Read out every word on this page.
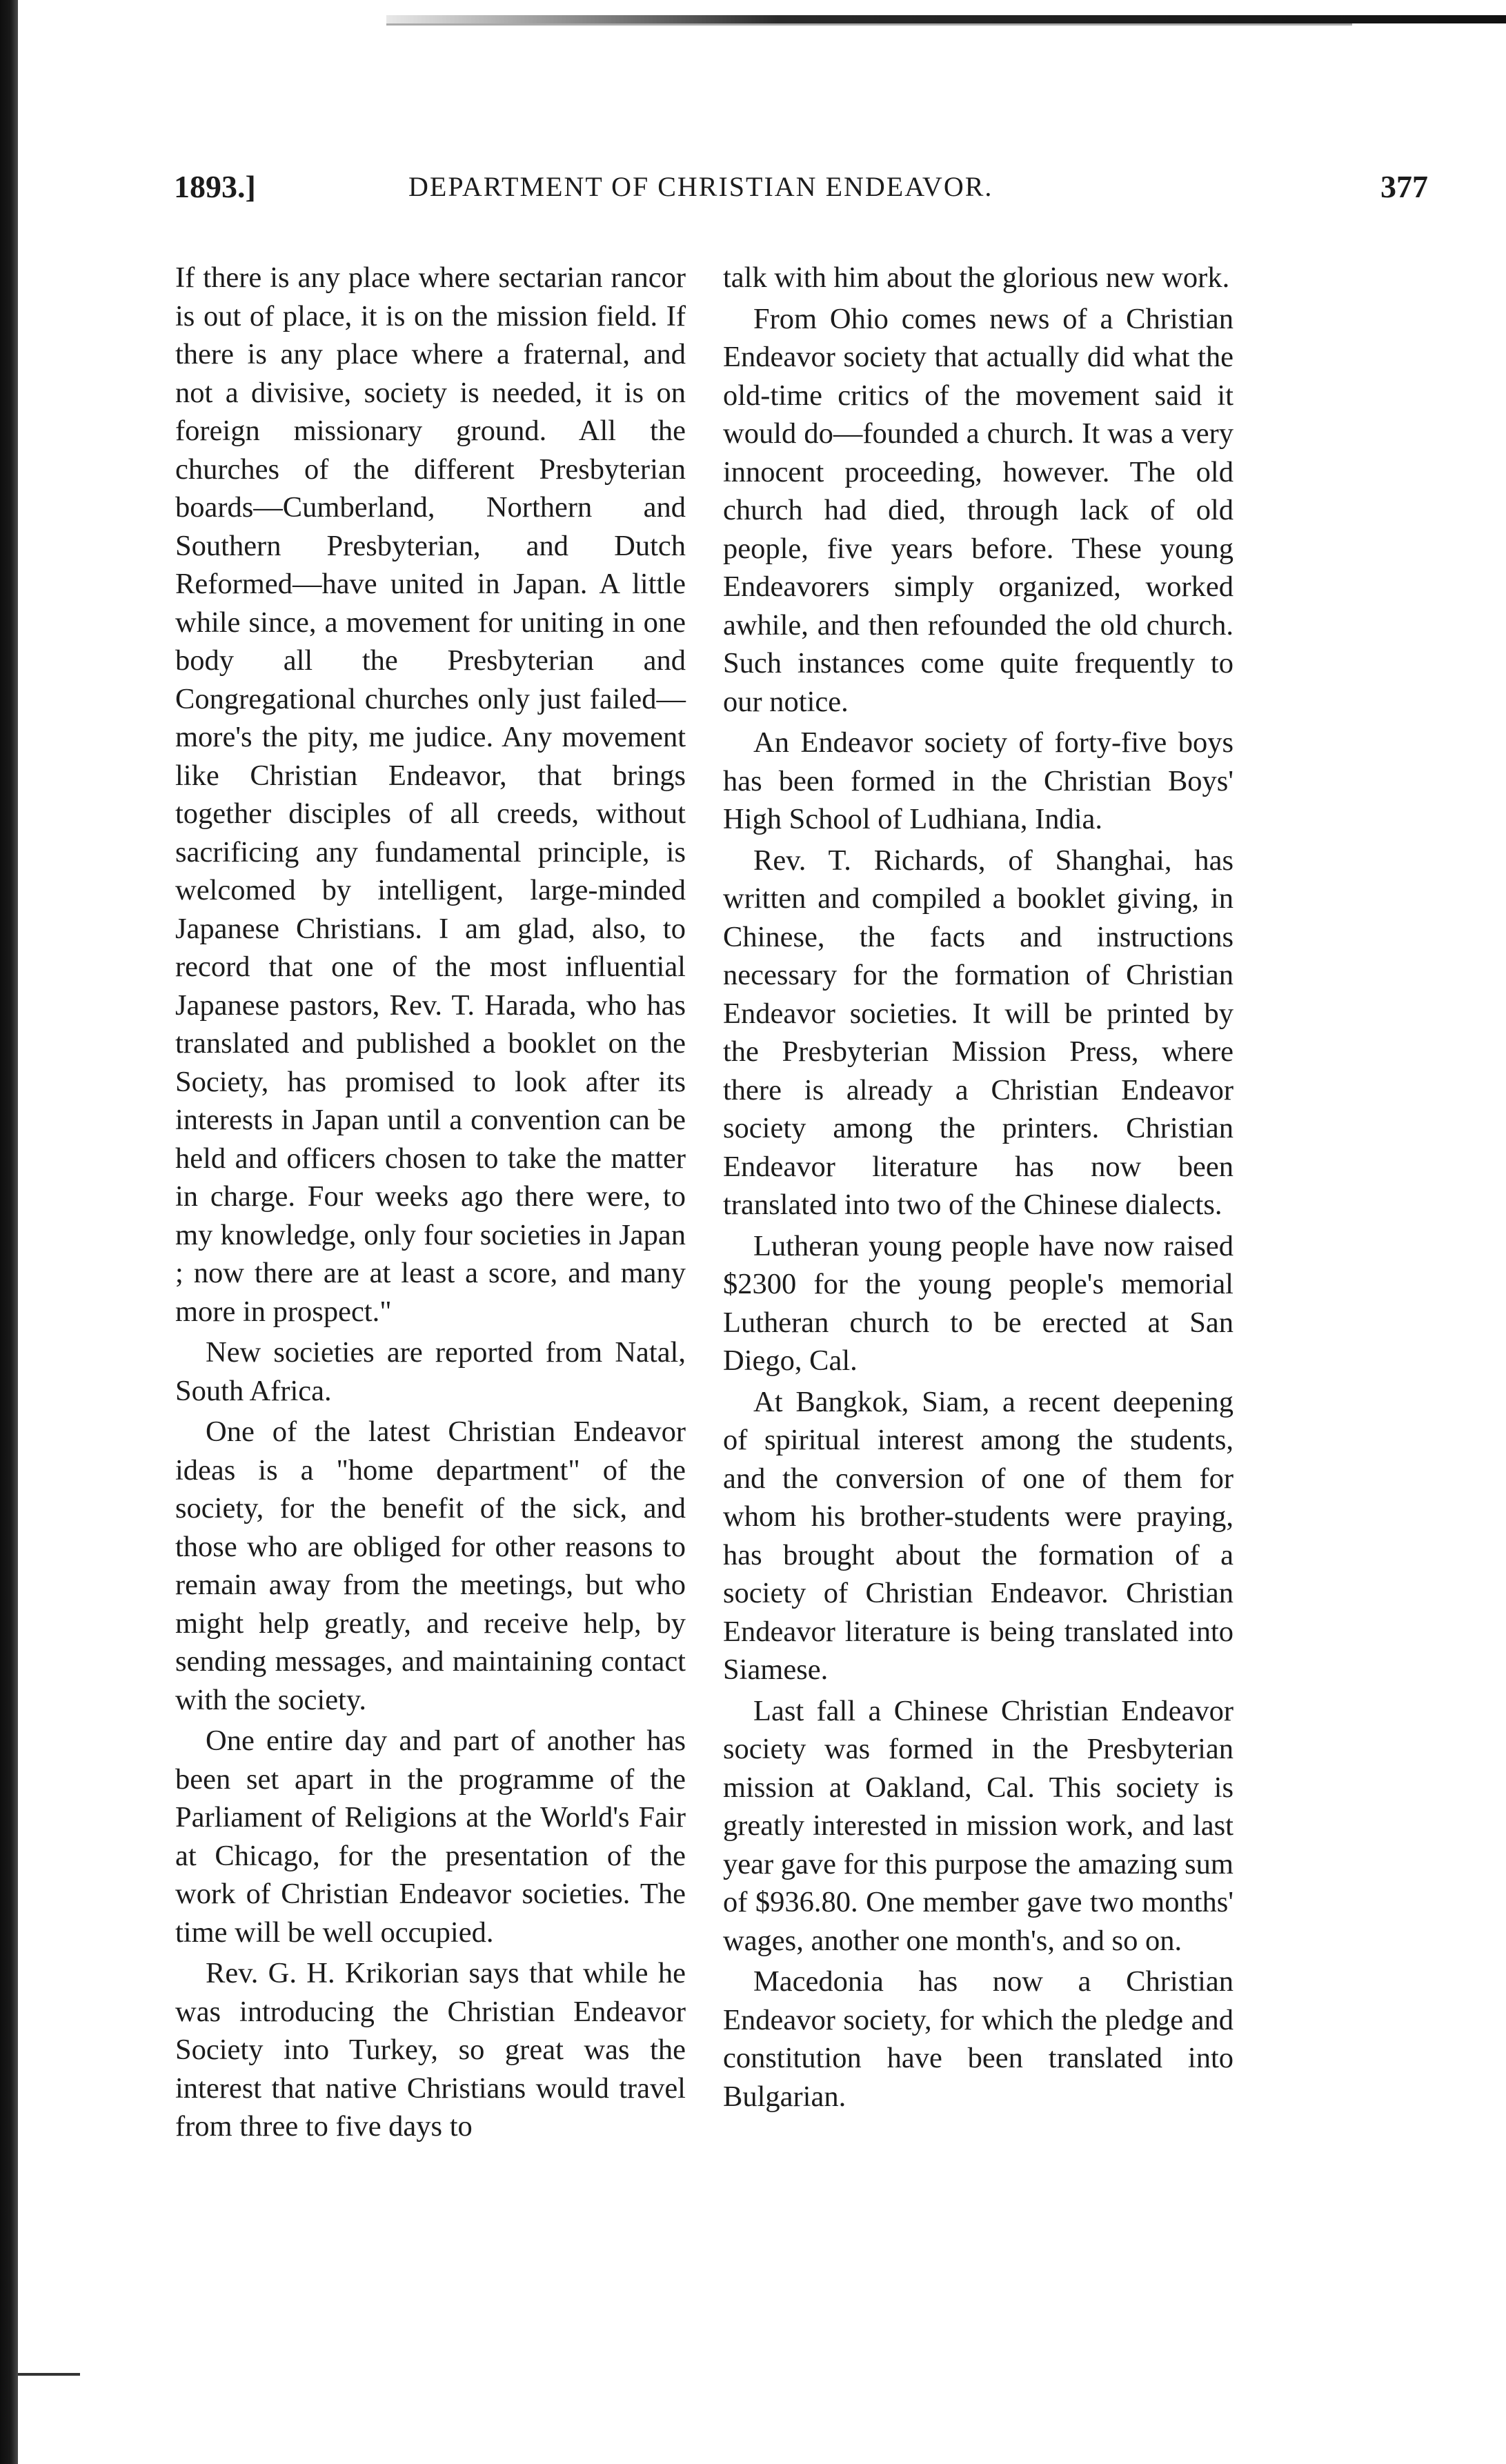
1893.]	DEPARTMENT OF CHRISTIAN ENDEAVOR.	377

If there is any place where sectarian rancor is out of place, it is on the mission field. If there is any place where a fraternal, and not a divisive, society is needed, it is on foreign missionary ground. All the churches of the different Presbyterian boards—Cumberland, Northern and Southern Presbyterian, and Dutch Reformed—have united in Japan. A little while since, a movement for uniting in one body all the Presbyterian and Congregational churches only just failed—more's the pity, me judice. Any movement like Christian Endeavor, that brings together disciples of all creeds, without sacrificing any fundamental principle, is welcomed by intelligent, large-minded Japanese Christians. I am glad, also, to record that one of the most influential Japanese pastors, Rev. T. Harada, who has translated and published a booklet on the Society, has promised to look after its interests in Japan until a convention can be held and officers chosen to take the matter in charge. Four weeks ago there were, to my knowledge, only four societies in Japan ; now there are at least a score, and many more in prospect."

New societies are reported from Natal, South Africa.

One of the latest Christian Endeavor ideas is a "home department" of the society, for the benefit of the sick, and those who are obliged for other reasons to remain away from the meetings, but who might help greatly, and receive help, by sending messages, and maintaining contact with the society.

One entire day and part of another has been set apart in the programme of the Parliament of Religions at the World's Fair at Chicago, for the presentation of the work of Christian Endeavor societies. The time will be well occupied.

Rev. G. H. Krikorian says that while he was introducing the Christian Endeavor Society into Turkey, so great was the interest that native Christians would travel from three to five days to

talk with him about the glorious new work.

From Ohio comes news of a Christian Endeavor society that actually did what the old-time critics of the movement said it would do—founded a church. It was a very innocent proceeding, however. The old church had died, through lack of old people, five years before. These young Endeavorers simply organized, worked awhile, and then refounded the old church. Such instances come quite frequently to our notice.

An Endeavor society of forty-five boys has been formed in the Christian Boys' High School of Ludhiana, India.

Rev. T. Richards, of Shanghai, has written and compiled a booklet giving, in Chinese, the facts and instructions necessary for the formation of Christian Endeavor societies. It will be printed by the Presbyterian Mission Press, where there is already a Christian Endeavor society among the printers. Christian Endeavor literature has now been translated into two of the Chinese dialects.

Lutheran young people have now raised $2300 for the young people's memorial Lutheran church to be erected at San Diego, Cal.

At Bangkok, Siam, a recent deepening of spiritual interest among the students, and the conversion of one of them for whom his brother-students were praying, has brought about the formation of a society of Christian Endeavor. Christian Endeavor literature is being translated into Siamese.

Last fall a Chinese Christian Endeavor society was formed in the Presbyterian mission at Oakland, Cal. This society is greatly interested in mission work, and last year gave for this purpose the amazing sum of $936.80. One member gave two months' wages, another one month's, and so on.

Macedonia has now a Christian Endeavor society, for which the pledge and constitution have been translated into Bulgarian.
